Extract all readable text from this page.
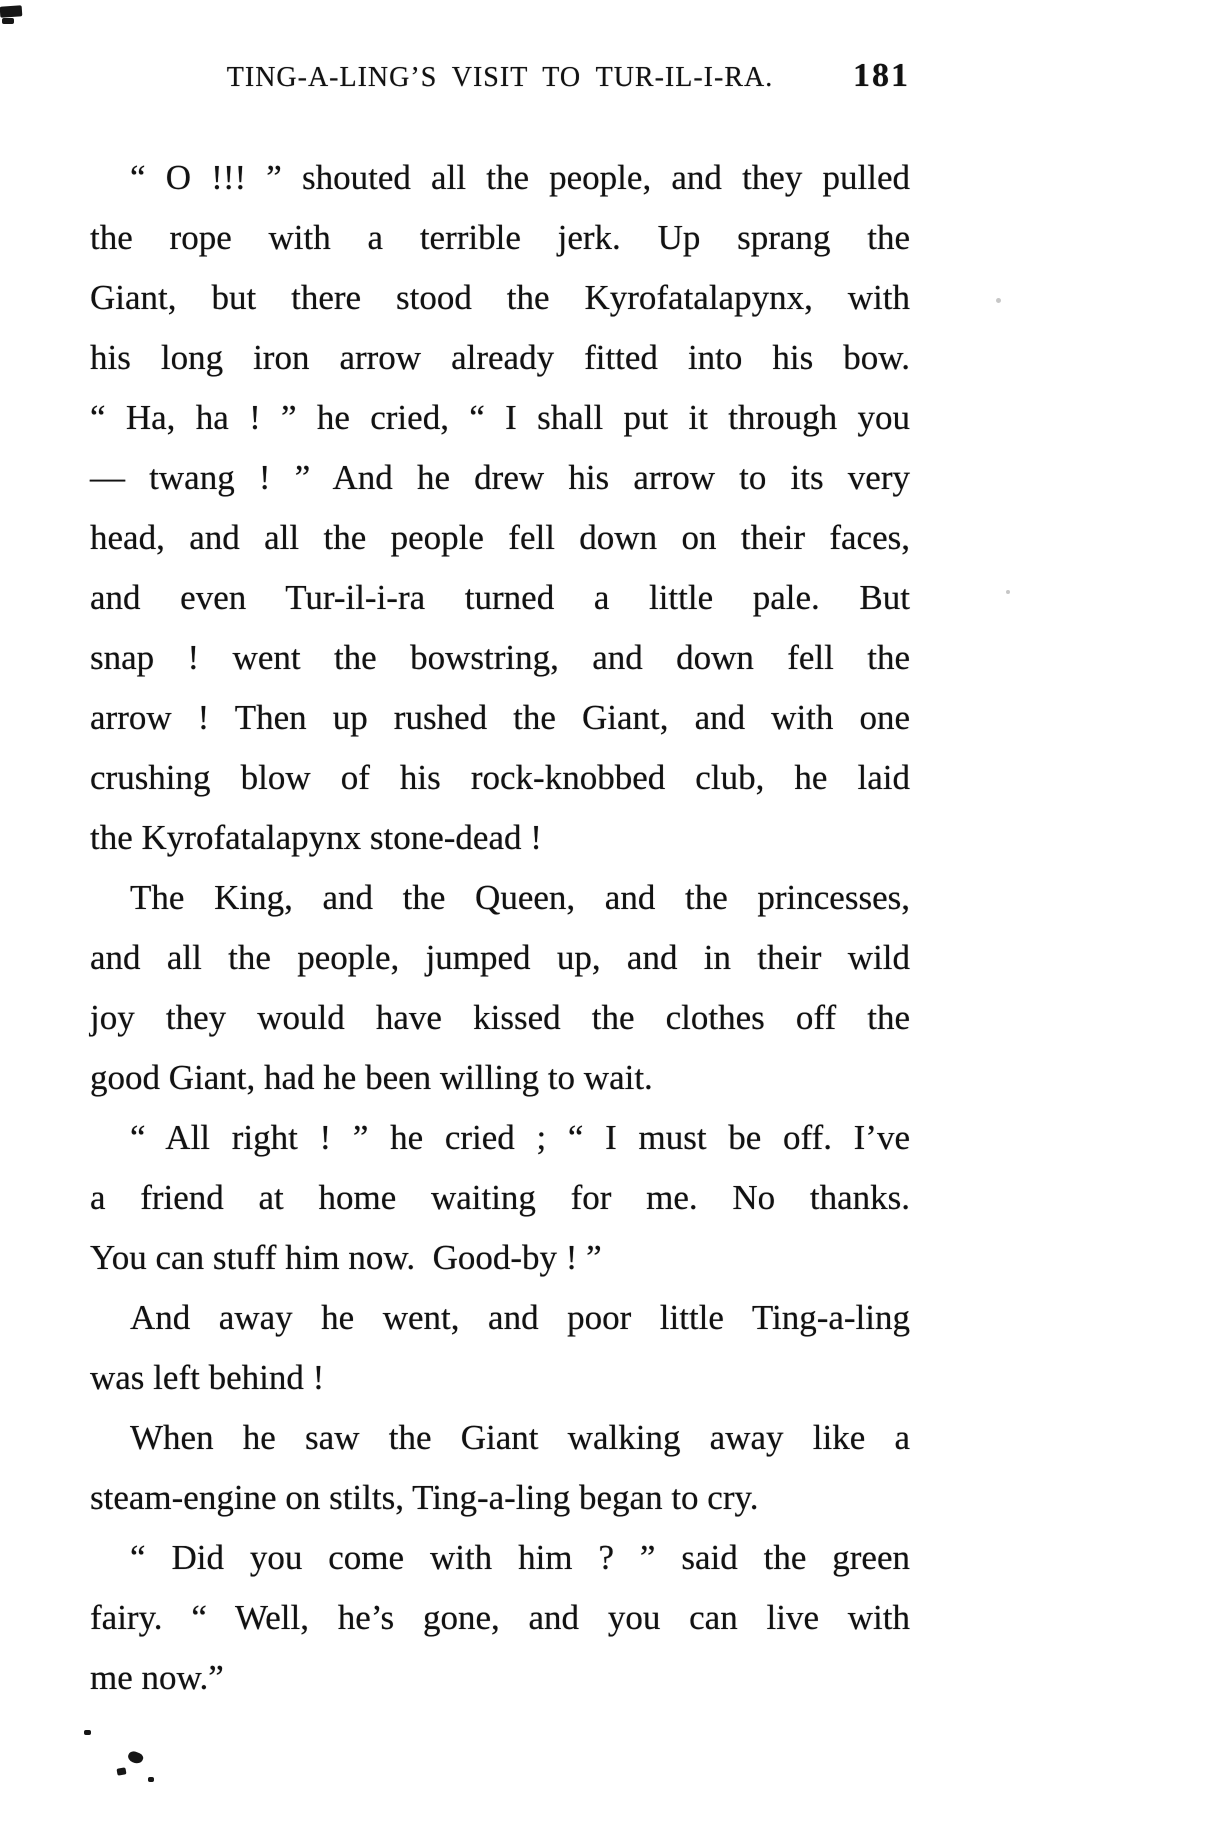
TING-A-LING’S VISIT TO TUR-IL-I-RA.	181
“ O !!! ” shouted all the people, and they pulled
the rope with a terrible jerk. Up sprang the
Giant, but there stood the Kyrofatalapynx, with
his long iron arrow already fitted into his bow.
“ Ha, ha ! ” he cried, “ I shall put it through you
— twang ! ” And he drew his arrow to its very
head, and all the people fell down on their faces,
and even Tur-il-i-ra turned a little pale. But
snap ! went the bowstring, and down fell the
arrow ! Then up rushed the Giant, and with one
crushing blow of his rock-knobbed club, he laid
the Kyrofatalapynx stone-dead !
The King, and the Queen, and the princesses,
and all the people, jumped up, and in their wild
joy they would have kissed the clothes off the
good Giant, had he been willing to wait.
“ All right ! ” he cried ; “ I must be off. I’ve
a friend at home waiting for me. No thanks.
You can stuff him now.  Good-by ! ”
And away he went, and poor little Ting-a-ling
was left behind !
When he saw the Giant walking away like a
steam-engine on stilts, Ting-a-ling began to cry.
“ Did you come with him ? ” said the green
fairy. “ Well, he’s gone, and you can live with
me now.”
